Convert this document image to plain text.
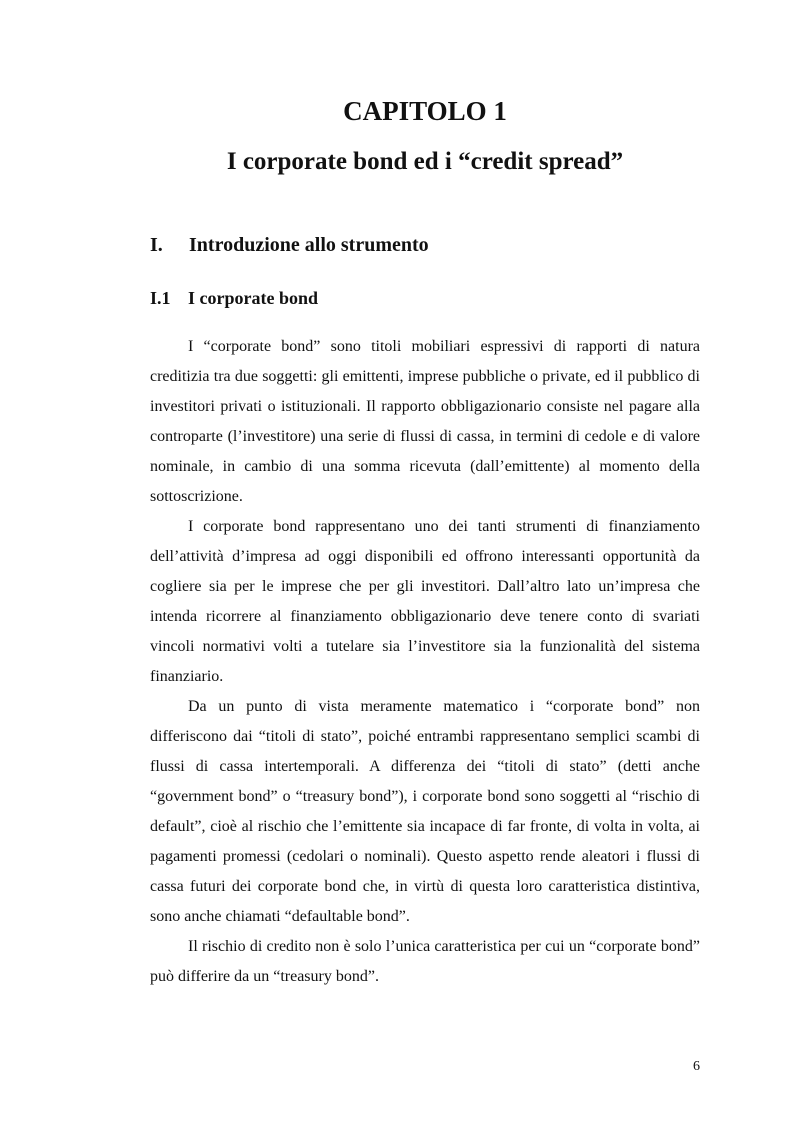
CAPITOLO 1
I corporate bond ed i “credit spread”
I. Introduzione allo strumento
I.1 I corporate bond

I “corporate bond” sono titoli mobiliari espressivi di rapporti di natura creditizia tra due soggetti: gli emittenti, imprese pubbliche o private, ed il pubblico di investitori privati o istituzionali. Il rapporto obbligazionario consiste nel pagare alla controparte (l’investitore) una serie di flussi di cassa, in termini di cedole e di valore nominale, in cambio di una somma ricevuta (dall’emittente) al momento della sottoscrizione.

I corporate bond rappresentano uno dei tanti strumenti di finanziamento dell’attività d’impresa ad oggi disponibili ed offrono interessanti opportunità da cogliere sia per le imprese che per gli investitori. Dall’altro lato un’impresa che intenda ricorrere al finanziamento obbligazionario deve tenere conto di svariati vincoli normativi volti a tutelare sia l’investitore sia la funzionalità del sistema finanziario.

Da un punto di vista meramente matematico i “corporate bond” non differiscono dai “titoli di stato”, poiché entrambi rappresentano semplici scambi di flussi di cassa intertemporali. A differenza dei “titoli di stato” (detti anche “government bond” o “treasury bond”), i corporate bond sono soggetti al “rischio di default”, cioè al rischio che l’emittente sia incapace di far fronte, di volta in volta, ai pagamenti promessi (cedolari o nominali). Questo aspetto rende aleatori i flussi di cassa futuri dei corporate bond che, in virtù di questa loro caratteristica distintiva, sono anche chiamati “defaultable bond”.

Il rischio di credito non è solo l’unica caratteristica per cui un “corporate bond” può differire da un “treasury bond”.

6
